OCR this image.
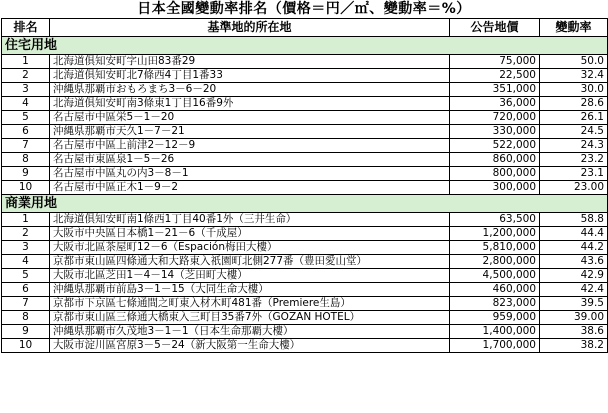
日本全國變動率排名（價格＝円／㎡、變動率＝%）
排名	基準地的所在地	公告地價	變動率
住宅用地			
1	北海道俱知安町字山田83番29	75,000	50.0
2	北海道俱知安町北7條西4丁目1番33	22,500	32.4
3	沖縄県那覇市おもろまち3－6－20	351,000	30.0
4	北海道俱知安町南3條東1丁目16番9外	36,000	28.6
5	名古屋市中區栄5－1－20	720,000	26.1
6	沖縄県那覇市天久1－7－21	330,000	24.5
7	名古屋市中區上前津2－12－9	522,000	24.3
8	名古屋市東區泉1－5－26	860,000	23.2
9	名古屋市中區丸の内3－8－1	800,000	23.1
10	名古屋市中區正木1－9－2	300,000	23.00
商業用地			
1	北海道俱知安町南1條西1丁目40番1外（三井生命）	63,500	58.8
2	大阪市中央區日本橋1－21－6（千成屋）	1,200,000	44.4
3	大阪市北區茶屋町12－6（Espación梅田大樓）	5,810,000	44.2
4	京都市東山區四條通大和大路東入祇園町北側277番（豊田愛山堂）	2,800,000	43.6
5	大阪市北區芝田1－4－14（芝田町大樓）	4,500,000	42.9
6	沖縄県那覇市前島3－1－15（大同生命大樓）	460,000	42.4
7	京都市下京區七條通間之町東入材木町481番（Premiere生島）	823,000	39.5
8	京都市東山區三條通大橋東入三町目35番7外（GOZAN HOTEL）	959,000	39.00
9	沖縄県那覇市久茂地3－1－1（日本生命那覇大樓）	1,400,000	38.6
10	大阪市淀川區宮原3－5－24（新大阪第一生命大樓）	1,700,000	38.2
